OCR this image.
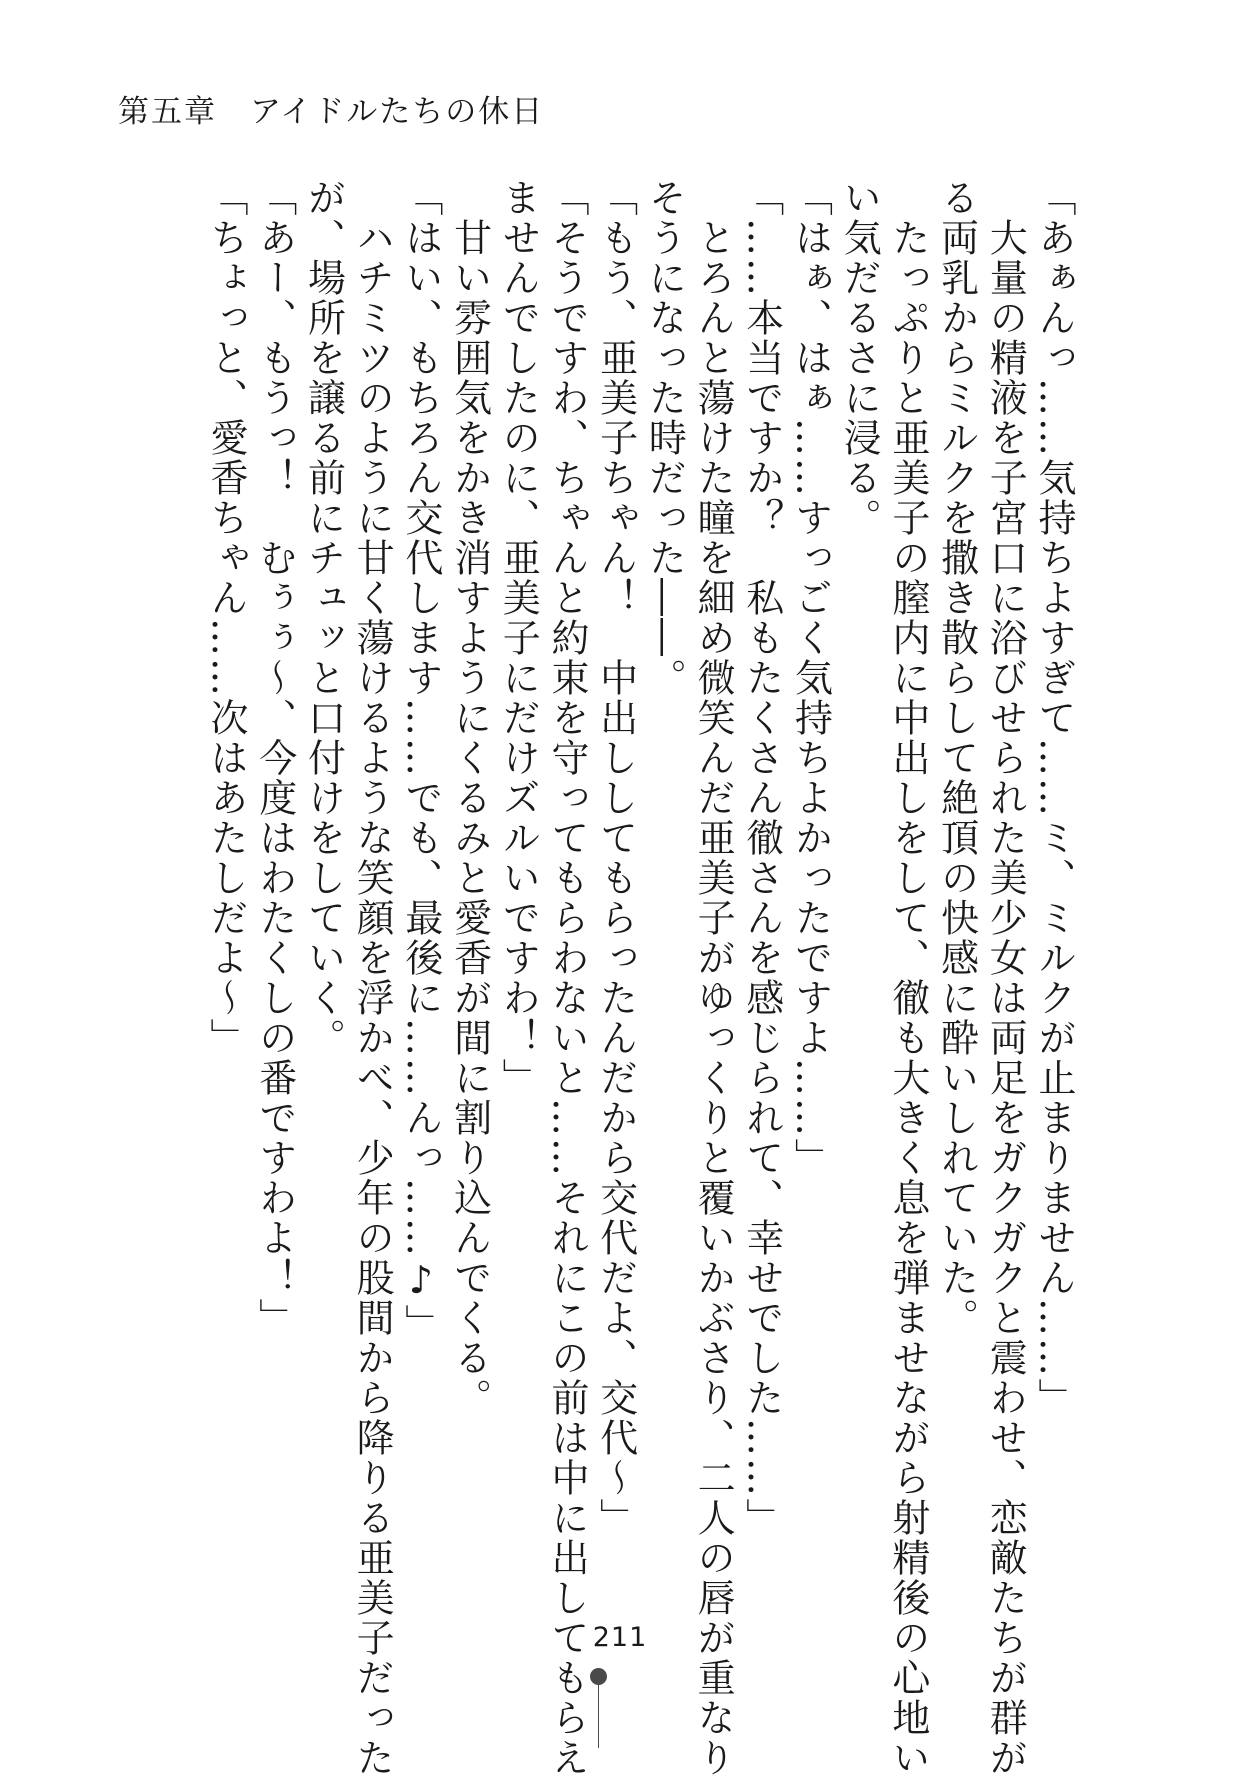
第五章　アイドルたちの休日
「あぁんっ……気持ちよすぎて……ミ、ミルクが止まりません……」
　大量の精液を子宮口に浴びせられた美少女は両足をガクガクと震わせ、恋敵たちが群が
る両乳からミルクを撒き散らして絶頂の快感に酔いしれていた。
　たっぷりと亜美子の膣内に中出しをして、徹も大きく息を弾ませながら射精後の心地い
い気だるさに浸る。
「はぁ、はぁ……すっごく気持ちよかったですよ……」
「……本当ですか？　私もたくさん徹さんを感じられて、幸せでした……」
　とろんと蕩けた瞳を細め微笑んだ亜美子がゆっくりと覆いかぶさり、二人の唇が重なり
そうになった時だった――。
「もう、亜美子ちゃん！　中出ししてもらったんだから交代だよ、交代～」
「そうですわ、ちゃんと約束を守ってもらわないと……それにこの前は中に出してもらえ
ませんでしたのに、亜美子にだけズルいですわ！」
　甘い雰囲気をかき消すようにくるみと愛香が間に割り込んでくる。
「はい、もちろん交代します……でも、最後に……んっ……♪」
　ハチミツのように甘く蕩けるような笑顔を浮かべ、少年の股間から降りる亜美子だった
が、場所を譲る前にチュッと口付けをしていく。
「あー、もうっ！　むぅぅ～、今度はわたくしの番ですわよ！」
「ちょっと、愛香ちゃん……次はあたしだよ～」
211
